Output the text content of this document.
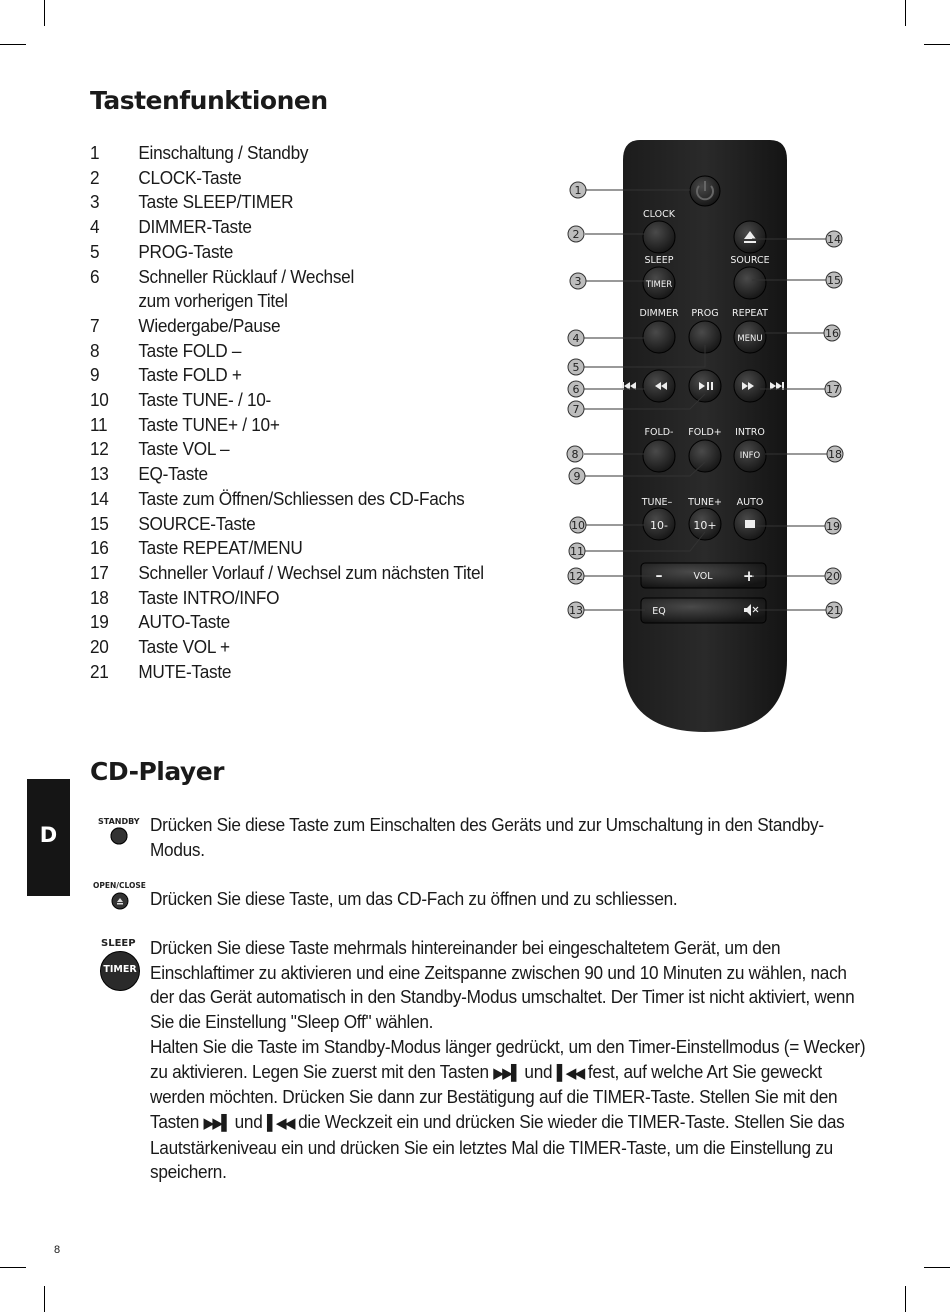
Tastenfunktionen
1	Einschaltung / Standby
2	CLOCK-Taste
3	Taste SLEEP/TIMER
4	DIMMER-Taste
5	PROG-Taste
6	Schneller Rücklauf / Wechsel
zum vorherigen Titel
7	Wiedergabe/Pause
8	Taste FOLD –
9	Taste FOLD +
10	Taste TUNE- / 10-
11	Taste TUNE+ / 10+
12	Taste VOL –
13	EQ-Taste
14	Taste zum Öffnen/Schliessen des CD-Fachs
15	SOURCE-Taste
16	Taste REPEAT/MENU
17	Schneller Vorlauf / Wechsel zum nächsten Titel
18	Taste INTRO/INFO
19	AUTO-Taste
20	Taste VOL +
21	MUTE-Taste
CLOCK
SLEEP
TIMER
SOURCE
DIMMER PROG REPEAT
MENU
FOLD- FOLD+ INTRO
INFO
TUNE– TUNE+ AUTO
10- 10+
VOL
EQ
–	+
1
2
3
4
5
6
7
8
9
10
11
12
13
14
15
16
17
18
19
20
21
D
CD-Player
STANDBY Drücken Sie diese Taste zum Einschalten des Geräts und zur Umschaltung in den Standby-Modus.

OPEN/CLOSE

Drücken Sie diese Taste, um das CD-Fach zu öffnen und zu schliessen.

SLEEP
TIMER
Drücken Sie diese Taste mehrmals hintereinander bei eingeschaltetem Gerät, um den Einschlaftimer zu aktivieren und eine Zeitspanne zwischen 90 und 10 Minuten zu wählen, nach der das Gerät automatisch in den Standby-Modus umschaltet. Der Timer ist nicht aktiviert, wenn Sie die Einstellung "Sleep Off" wählen.
Halten Sie die Taste im Standby-Modus länger gedrückt, um den Timer-Einstellmodus (= Wecker) zu aktivieren. Legen Sie zuerst mit den Tasten ▶▶▌ und ▌◀◀ fest, auf welche Art Sie geweckt werden möchten. Drücken Sie dann zur Bestätigung auf die TIMER-Taste. Stellen Sie mit den Tasten ▶▶▌ und ▌◀◀ die Weckzeit ein und drücken Sie wieder die TIMER-Taste. Stellen Sie das Lautstärkeniveau ein und drücken Sie ein letztes Mal die TIMER-Taste, um die Einstellung zu speichern.
8
